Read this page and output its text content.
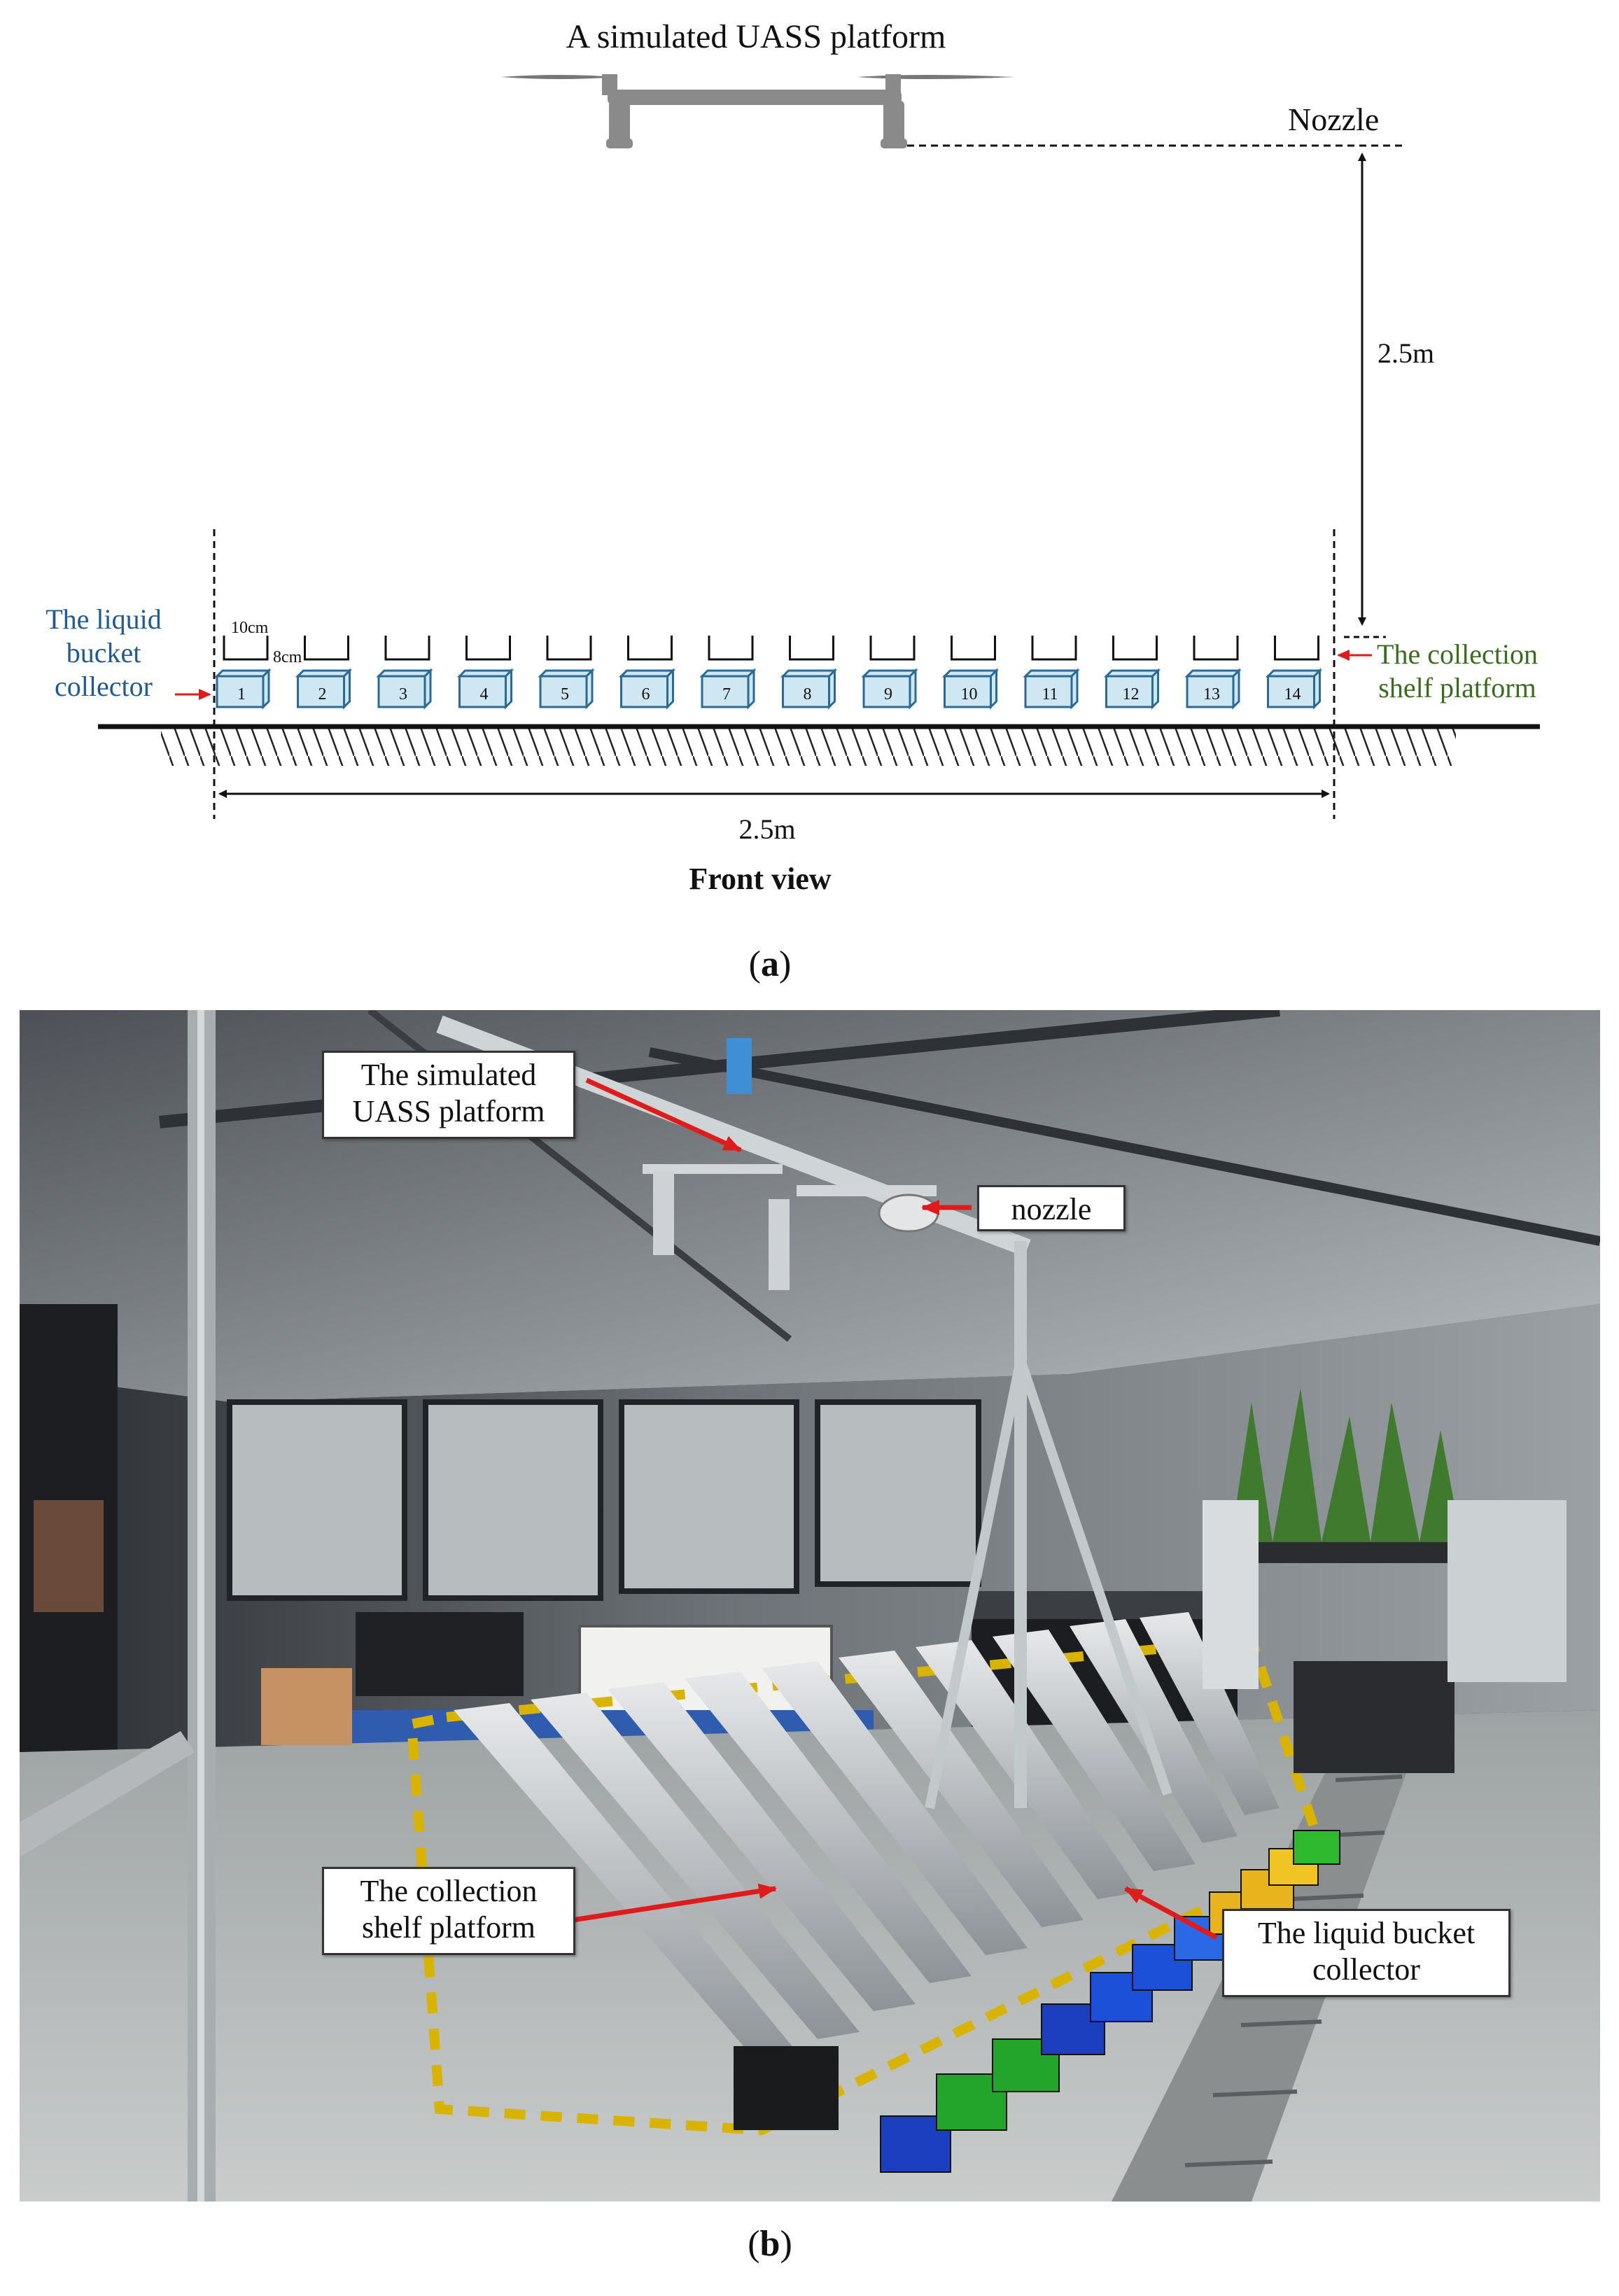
A simulated UASS platform
Nozzle
2.5m
1	2	3	4	5	6	7	8	9	10	11	12	13	14
10cm
8cm
The liquid
bucket
collector
The collection
shelf platform
2.5m
Front view
(a)
The simulated
UASS platform
nozzle
The collection
shelf platform	The liquid bucket
collector
(b)
